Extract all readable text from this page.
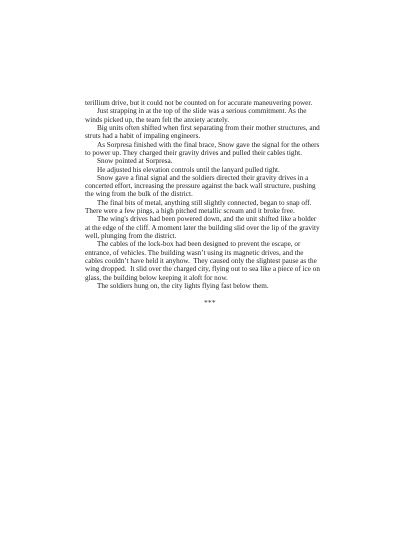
terillium drive, but it could not be counted on for accurate maneuvering power.
Just strapping in at the top of the slide was a serious commitment. As the
winds picked up, the team felt the anxiety acutely.
Big units often shifted when first separating from their mother structures, and
struts had a habit of impaling engineers.
As Sorpresa finished with the final brace, Snow gave the signal for the others
to power up. They charged their gravity drives and pulled their cables tight.
Snow pointed at Sorpresa.
He adjusted his elevation controls until the lanyard pulled tight.
Snow gave a final signal and the soldiers directed their gravity drives in a
concerted effort, increasing the pressure against the back wall structure, pushing
the wing from the bulk of the district.
The final bits of metal, anything still slightly connected, began to snap off.
There were a few pings, a high pitched metallic scream and it broke free.
The wing's drives had been powered down, and the unit shifted like a bolder
at the edge of the cliff. A moment later the building slid over the lip of the gravity
well, plunging from the district.
The cables of the lock-box had been designed to prevent the escape, or
entrance, of vehicles. The building wasn’t using its magnetic drives, and the
cables couldn’t have held it anyhow.  They caused only the slightest pause as the
wing dropped.  It slid over the charged city, flying out to sea like a piece of ice on
glass, the building below keeping it aloft for now.
The soldiers hung on, the city lights flying fast below them.
***
